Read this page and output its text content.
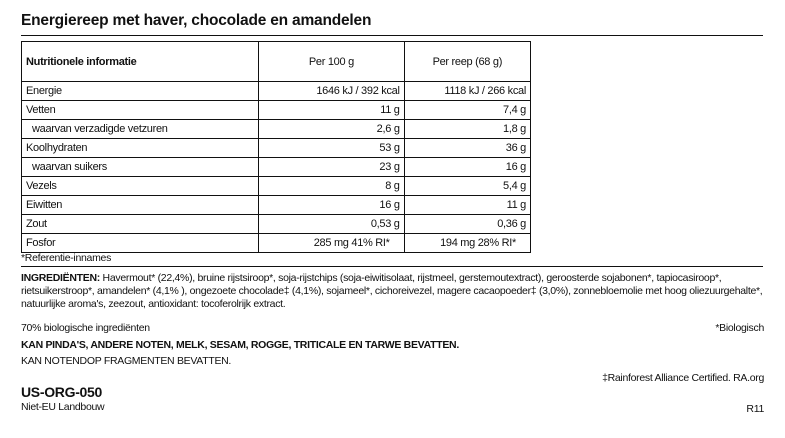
Energiereep met haver, chocolade en amandelen
Nutritionele informatie	Per 100 g	Per reep (68 g)
Energie	1646 kJ / 392 kcal	1118 kJ / 266 kcal
Vetten	11 g	7,4 g
waarvan verzadigde vetzuren	2,6 g	1,8 g
Koolhydraten	53 g	36 g
waarvan suikers	23 g	16 g
Vezels	8 g	5,4 g
Eiwitten	16 g	11 g
Zout	0,53 g	0,36 g
Fosfor	285 mg 41% RI*	194 mg 28% RI*
*Referentie-innames
INGREDIËNTEN: Havermout* (22,4%), bruine rijstsiroop*, soja-rijstchips (soja-eiwitisolaat, rijstmeel, gerstemoutextract), geroosterde sojabonen*, tapiocasiroop*, rietsuikerstroop*, amandelen* (4,1% ), ongezoete chocolade‡ (4,1%), sojameel*, cichoreivezel, magere cacaopoeder‡ (3,0%), zonnebloemolie met hoog oliezuurgehalte*, natuurlijke aroma's, zeezout, antioxidant: tocoferolrijk extract.
70% biologische ingrediënten	*Biologisch
KAN PINDA'S, ANDERE NOTEN, MELK, SESAM, ROGGE, TRITICALE EN TARWE BEVATTEN.
KAN NOTENDOP FRAGMENTEN BEVATTEN.
‡Rainforest Alliance Certified. RA.org
US-ORG-050
Niet-EU Landbouw	R11
